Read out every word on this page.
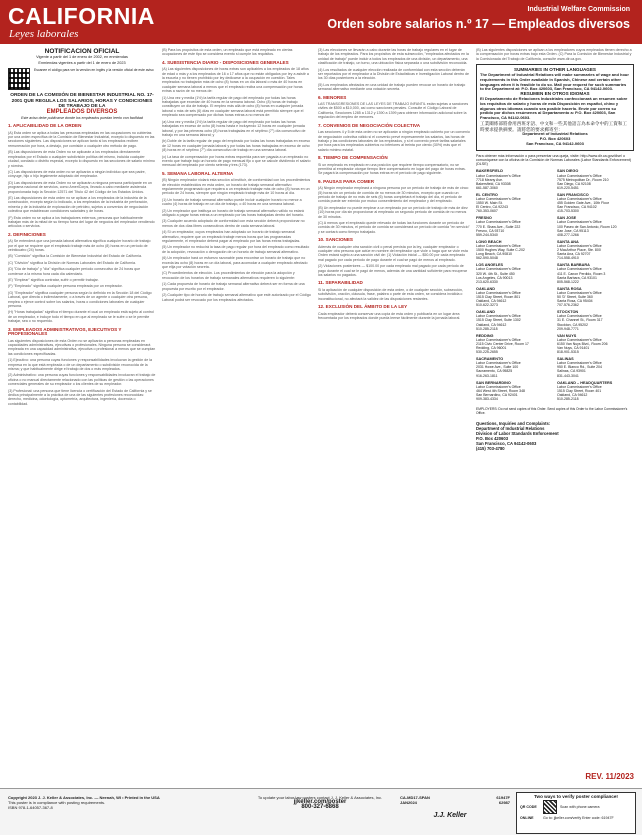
CALIFORNIA
Leyes laborales
Industrial Welfare Commission
Orden sobre salarios n.º 17 — Empleados diversos
NOTIFICACIÓN OFICIAL
Vigente a partir del 1 de enero de 2002, en enmiendas
Enmiendas vigentes a partir del 1 de enero de 2023
Escanee el código para ver la versión en inglés y la versión oficial de este aviso
ORDEN DE LA COMISIÓN DE BIENESTAR INDUSTRIAL NO. 17-2001 QUE REGULA LOS SALARIOS, HORAS Y CONDICIONES DE TRABAJO DE LA
EMPLEADOS DIVERSOS
Este aviso debe publicarse donde los empleados puedan leerlo con facilidad
1. APLICABILIDAD DE LA ORDEN

(A) Esta orden se aplica a todas las personas empleadas en las ocupaciones no cubiertas por una orden específica de la Comisión de Bienestar Industrial, excepto lo dispuesto en las secciones siguientes. Las disposiciones se aplican tanto si los empleados reciben remuneración por hora, a destajo, por comisión o cualquier otro método de pago.

(B) Las disposiciones de esta Orden no se aplicarán a los empleados directamente empleados por el Estado o cualquier subdivisión política del mismo, incluida cualquier ciudad, condado o distrito especial, excepto lo dispuesto en las secciones de salario mínimo y nómina.

(C) Las disposiciones de esta orden no se aplicarán a ningún individuo que sea padre, cónyuge, hijo o hijo legalmente adoptado del empleador.

(D) Las disposiciones de esta Orden no se aplicarán a ninguna persona participante en un programa nacional de servicios, como AmeriCorps, llevado a cabo mediante asistencia proporcionada bajo la Sección 12571 del Título 42 del Código de los Estados Unidos.

(E) Las disposiciones de esta orden no se aplican a los empleados de la industria de la construcción, excepto según lo indicado, a los empleados de la industria de perforación, minería y de la industria de exploración de petróleo, sujetos a convenios de negociación colectiva que establezcan condiciones salariales y de horas.

(F) Esta orden no se aplica a los trabajadores externos, personas que habitualmente trabajan más de la mitad de su tiempo fuera del lugar de negocios del empleador vendiendo artículos o servicios.

2. DEFINICIONES

(A) Se entenderá que una jornada laboral alternativa significa cualquier horario de trabajo por el que se requiere que el empleado trabaje más de ocho (8) horas en un período de veinticuatro (24) horas.

(B) "Comisión" significa la Comisión de Bienestar Industrial del Estado de California.

(C) "División" significa la División de Normas Laborales del Estado de California.

(D) "Día de trabajo" y "día" significa cualquier período consecutivo de 24 horas que comience a la misma hora cada día calendario.

(E) "Emplear" significa contratar, sufrir o permitir trabajar.

(F) "Empleado" significa cualquier persona empleada por un empleador.

(G) "Empleador" significa cualquier persona según lo definido en la Sección 18 del Código Laboral, que directa o indirectamente, o a través de un agente o cualquier otra persona, emplea o ejerce control sobre los salarios, horas o condiciones laborales de cualquier persona.

(H) "Horas trabajadas" significa el tiempo durante el cual un empleado está sujeto al control de un empleador, e incluye todo el tiempo en que al empleado se le sufre o se le permite trabajar, sea o no requerido.

3. EMPLEADOS ADMINISTRATIVOS, EJECUTIVOS Y PROFESIONALES

Las siguientes disposiciones de esta Orden no se aplicarán a personas empleadas en capacidades administrativas, ejecutivas o profesionales. Ninguna persona se considerará empleada en una capacidad administrativa, ejecutiva o profesional a menos que se cumplan las condiciones especificadas.

(1) Ejecutivo: una persona cuyas funciones y responsabilidades involucran la gestión de la empresa en la que está empleada o de un departamento o subdivisión reconocida de la misma; y que habitualmente dirige el trabajo de dos o más empleados.

(2) Administrativo: una persona cuyas funciones y responsabilidades involucran el trabajo de oficina o no manual directamente relacionado con las políticas de gestión o las operaciones comerciales generales de su empleador o los clientes de su empleador.

(3) Profesional: una persona que tiene licencia o certificación del Estado de California y se dedica principalmente a la práctica de una de las siguientes profesiones reconocidas: derecho, medicina, odontología, optometría, arquitectura, ingeniería, docencia o contabilidad.

(B) Para los propósitos de esta orden, un empleado que está empleado en ciertas ocupaciones de este tipo se considera exento si cumple los requisitos.

4. SUBSISTENCIA DIARIO - DISPOSICIONES GENERALES

(A) Las siguientes disposiciones de horas extras son aplicables a los empleados de 18 años de edad o más y a los empleados de 16 o 17 años que no están obligados por ley a asistir a la escuela y no tienen prohibido por ley dedicarse a la ocupación en cuestión. Tales empleados no trabajarán más de ocho (8) horas en un día laboral o más de 40 horas en cualquier semana laboral a menos que el empleado reciba una compensación por horas extras a razón de no menos de:

(1) Una vez y media (1½) la tarifa regular de pago del empleado por todas las horas trabajadas que excedan de 40 horas en la semana laboral. Ocho (8) horas de trabajo constituyen un día de trabajo. El empleo más allá de ocho (8) horas en cualquier jornada laboral o más de seis (6) días en cualquier semana laboral está permitido siempre que el empleado sea compensado por dichas horas extras a no menos de:

(a) Una vez y media (1½) la tarifa regular de pago del empleado por todas las horas trabajadas en exceso de ocho (8) horas hasta e incluyendo 12 horas en cualquier jornada laboral, y por las primeras ocho (8) horas trabajadas en el séptimo (7°) día consecutivo de trabajo en una semana laboral; y

(b) Doble de la tarifa regular de pago del empleado por todas las horas trabajadas en exceso de 12 horas en cualquier jornada laboral y por todas las horas trabajadas en exceso de ocho (8) horas en el séptimo (7°) día consecutivo de trabajo en una semana laboral.

(c) La tasa de compensación por horas extras requerida para ser pagada a un empleado no exento que trabaje bajo un horario de pago mensual fijo o que se calcule dividiendo el salario mensual del empleado por ciento setenta y tres (173).

5. SEMANA LABORAL ALTERNA

(B) Ningún empleador violará esta sección al instituir, de conformidad con los procedimientos de elección establecidos en esta orden, un horario de trabajo semanal alternativo regularmente programado que requiera a un empleado trabajar más de ocho (8) horas en un período de 24 horas, siempre que ningún empleado trabaje más de 10 horas al día.

(1) Un horario de trabajo semanal alternativo puede incluir cualquier horario no menor a cuatro (4) horas de trabajo en un día de trabajo, o 40 horas en una semana laboral.

(2) Un empleador que instituya un horario de trabajo semanal alternativo válido no estará obligado a pagar horas extras a un empleado por las horas trabajadas dentro del horario.

(3) Cualquier acuerdo adoptado de conformidad con esta sección deberá proporcionar no menos de dos días libres consecutivos dentro de cada semana laboral.

(4) Si un empleador, cuyos empleados han adoptado un horario de trabajo semanal alternativo, requiere que un empleado trabaje menos horas que las programadas regularmente, el empleador deberá pagar al empleado por las horas extras trabajadas.

(5) Un empleador no reducirá la tasa de pago regular por hora del empleado como resultado de la adopción, revocación o derogación de un horario de trabajo semanal alternativo.

(6) Un empleador hará un esfuerzo razonable para encontrar un horario de trabajo que no exceda las ocho (8) horas en un día laboral, para acomodar a cualquier empleado afectado que elija por votación secreta.

(C) Procedimientos de elección. Los procedimientos de elección para la adopción y revocación de los horarios de trabajo semanales alternativos requieren lo siguiente:

(1) Cada propuesta de horario de trabajo semanal alternativo deberá ser en forma de una propuesta por escrito por el empleador.

(2) Cualquier tipo de horario de trabajo semanal alternativo que esté autorizado por el Código Laboral podrá ser revocado por los empleados afectados.

(3) Las elecciones se llevarán a cabo durante las horas de trabajo regulares en el lugar de trabajo de los empleados. Para los propósitos de esta subsección, "empleados afectados en la unidad de trabajo" puede incluir a todos los empleados de una división, un departamento, una clasificación de trabajo, un turno, una ubicación física separada o una subdivisión reconocida.

(4) Los resultados de cualquier elección realizada de conformidad con esta sección deberán ser reportados por el empleador a la División de Estadísticas e Investigación Laboral dentro de los 30 días posteriores a la elección.

(5) Los empleados afectados en una unidad de trabajo pueden revocar un horario de trabajo semanal alternativo mediante una votación secreta.

6. MENORES

LAS TRANSGRESIONES DE LAS LEYES DE TRABAJO INFANTIL están sujetas a sanciones civiles de $500 a $10,000, así como sanciones penales. Consulte el Código Laboral de California, Secciones 1285 a 1312 y 1390 a 1399 para obtener información adicional sobre la regulación del empleo de menores.

7. CONVENIOS DE NEGOCIACIÓN COLECTIVA

Las secciones 4 y 5 de esta orden no se aplicarán a ningún empleado cubierto por un convenio de negociación colectiva válido si el convenio prevé expresamente los salarios, las horas de trabajo y las condiciones laborales de los empleados, y si el convenio prevé tarifas salariales por hora para los empleados cubiertos no inferiores al treinta por ciento (30%) más que el salario mínimo estatal.

8. TIEMPO DE COMPENSACIÓN

Si un empleado es empleado en una posición que requiere tiempo compensatorio, no se permitirá al empleador otorgar tiempo libre compensatorio en lugar del pago de horas extras. Se pagará la compensación por horas extras en el período de pago siguiente.

9. PAUSAS PARA COMER

(A) Ningún empleador empleará a ninguna persona por un período de trabajo de más de cinco (5) horas sin un período de comida de no menos de 30 minutos, excepto que cuando un período de trabajo de no más de seis (6) horas completará el trabajo del día, el período de comida puede ser eximido por mutuo consentimiento del empleador y del empleado.

(B) Un empleador no puede emplear a un empleado por un período de trabajo de más de diez (10) horas por día sin proporcionar al empleado un segundo período de comida de no menos de 30 minutos.

(C) A menos que el empleado quede relevado de todas las funciones durante un período de comida de 30 minutos, el período de comida se considerará un período de comida "en servicio" y se contará como tiempo trabajado.

10. SANCIONES

Además de cualquier otra sanción civil o penal prevista por la ley, cualquier empleador o cualquier otra persona que actúe en nombre del empleador que viole o haga que se viole esta Orden estará sujeto a una sanción civil de: (1) Violación inicial — $50.00 por cada empleado mal pagado por cada período de pago durante el cual se pagó de menos al empleado.

(2) Violaciones posteriores — $100.00 por cada empleado mal pagado por cada período de pago durante el cual se le pagó de menos, además de una cantidad suficiente para recuperar los salarios no pagados.

11. SEPARABILIDAD

Si la aplicación de cualquier disposición de esta orden, o de cualquier sección, subsección, subdivisión, oración, cláusula, frase, palabra o parte de esta orden, se considera inválida o inconstitucional, no afectará la validez de las disposiciones restantes.

12. EXCLUSIÓN DEL ÁMBITO DE LA LEY

Cada empleador deberá conservar una copia de esta orden y publicarla en un lugar área frecuentada por los empleados donde pueda leerse fácilmente durante la jornada laboral.

(B) Las siguientes disposiciones se aplican a los empleadores cuyos empleados tienen derecho a la compensación por horas extras bajo esta Orden. (C) Para la Comisión de Bienestar Industrial y la Comisionada del Trabajo de California, consulte www.dir.ca.gov.

SUMMARIES IN OTHER LANGUAGES
The Department of Industrial Relations will make summaries of wage and hour requirements in this Order available in Spanish, Chinese and certain other languages when it is feasible to do so. Mail your request for such summaries to the Department at: P.O. Box 420603, San Francisco, CA 94142-0603.
RESUMEN EN OTROS IDIOMAS
El Departamento de Relaciones Industriales confeccionará un resumen sobre los requisitos de salario y horas de esta Disposición en español, chino y algunos otros idiomas cuando sea posible hacerlo. Envíe por correo su pedido por dichos resúmenes al Departamento a: P.O. Box 420603, San Francisco, CA 94142-0603.
工業關係部將會用西班牙語、中文和一些其他語言為本命令中的工資和工時要求提供摘要。請將您的要求郵寄至：
Department of Industrial Relations
P.O. Box 420603
San Francisco, CA 94142-0603
Para obtener más información o para presentar una queja, visite: http://www.dir.ca.gov/dlse/ o comuníquese con la oficina de la Comisión de Normas Laborales (Labor Standards Enforcement) (DLSE)
BAKERSFIELD
Labor Commissioner's Office
7718 Meany Ave.
Bakersfield, CA 93308
661-587-3060
SAN DIEGO
Labor Commissioner's Office
7575 Metropolitan Dr., Room 210
San Diego, CA 92108
619-220-5451
EL CENTRO
Labor Commissioner's Office
1550 W. Main St.
El Centro, CA 92243
760-353-0607
SAN FRANCISCO
Labor Commissioner's Office
455 Golden Gate Ave., 10th Floor
San Francisco, CA 94102
415-703-5300
FRESNO
Labor Commissioner's Office
770 E. Shaw Ave., Suite 222
Fresno, CA 93710
559-244-5340
SAN JOSE
Labor Commissioner's Office
100 Paseo de San Antonio, Room 120
San Jose, CA 95113
408-277-1266
LONG BEACH
Labor Commissioner's Office
1500 Hughes Way, Suite C-202
Long Beach, CA 90810
562-590-5048
SANTA ANA
Labor Commissioner's Office
2 MacArthur Place, Ste. 800
Santa Ana, CA 92707
714-558-4910
LOS ANGELES
Labor Commissioner's Office
320 W. 4th St., Suite 450
Los Angeles, CA 90013
213-620-6330
SANTA BARBARA
Labor Commissioner's Office
411 E. Canon Perdido, Room 3
Santa Barbara, CA 93101
805-568-1222
OAKLAND
Labor Commissioner's Office
1515 Clay Street, Room 801
Oakland, CA 94612
510-622-3273
SANTA ROSA
Labor Commissioner's Office
50 'D' Street, Suite 360
Santa Rosa, CA 95404
707-576-2362
OAKLAND
Labor Commissioner's Office
1515 Clay Street, Suite 1302
Oakland, CA 94612
510-285-2118
STOCKTON
Labor Commissioner's Office
31 E. Channel St., Room 317
Stockton, CA 95202
209-948-7771
REDDING
Labor Commissioner's Office
2115 Civic Center Drive, Room 17
Redding, CA 96001
530-225-2655
VAN NUYS
Labor Commissioner's Office
6150 Van Nuys Blvd., Room 206
Van Nuys, CA 91401
818-901-5315
SACRAMENTO
Labor Commissioner's Office
2031 Howe Ave., Suite 100
Sacramento, CA 95825
916-263-1811
SALINAS
Labor Commissioner's Office
950 E. Blanco Rd., Suite 204
Salinas, CA 93901
831-443-3041
SAN BERNARDINO
Labor Commissioner's Office
464 West 4th Street, Room 348
San Bernardino, CA 92401
909-383-4334
OAKLAND – HEADQUARTERS
Labor Commissioner's Office
1515 Clay Street, Room 401
Oakland, CA 94612
510-285-2118
EMPLOYERS: Do not send copies of this Order. Send copies of this Order to the Labor Commissioner's Office.
Questions, Inquiries and Complaints:
Department of Industrial Relations
Division of Labor Standards Enforcement
P.O. Box 420603
San Francisco, CA 94142-0603
(415) 703-4780
REV. 11/2023
Copyright 2023 J. J. Keller & Associates, Inc. — Neenah, WI • Printed in the USA
This poster is in compliance with posting requirements.
ISBN 978-1-64057-367-8
To update your labor law posters contact J. J. Keller & Associates, Inc.
jjkeller.com/poster
800-327-6868
CA-MD17-SPAN	61947F
JAN2024	62987
J.J. Keller
Two ways to verify poster compliance!
QR CODE	Scan with phone camera
ONLINE	Go to: jjkeller.com/verify Enter code: 61947F
